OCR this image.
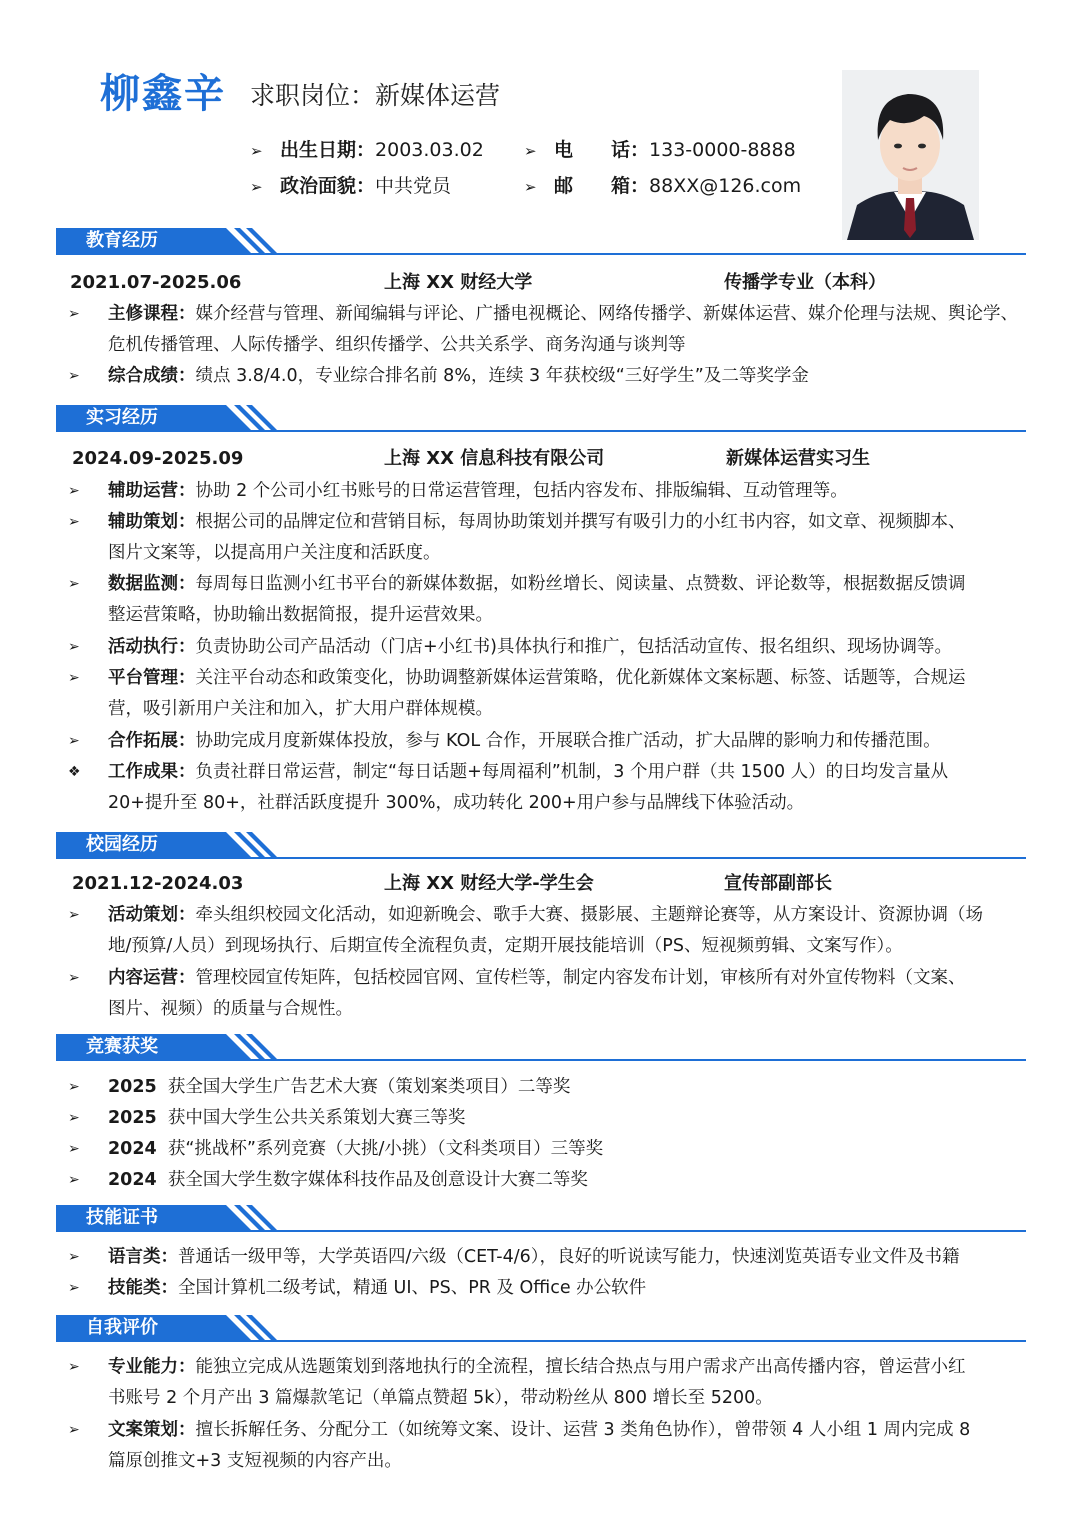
柳鑫辛 求职岗位：新媒体运营
➢ 出生日期：2003.03.02	➢ 电　　话：133-0000-8888
➢ 政治面貌：中共党员	➢ 邮　　箱：88XX@126.com
教育经历
2021.07-2025.06	上海 XX 财经大学	传播学专业（本科）
➢	主修课程：媒介经营与管理、新闻编辑与评论、广播电视概论、网络传播学、新媒体运营、媒介伦理与法规、舆论学、
危机传播管理、人际传播学、组织传播学、公共关系学、商务沟通与谈判等
➢	综合成绩：绩点 3.8/4.0，专业综合排名前 8%，连续 3 年获校级“三好学生”及二等奖学金
实习经历
2024.09-2025.09	上海 XX 信息科技有限公司	新媒体运营实习生
➢	辅助运营：协助 2 个公司小红书账号的日常运营管理，包括内容发布、排版编辑、互动管理等。
➢	辅助策划：根据公司的品牌定位和营销目标，每周协助策划并撰写有吸引力的小红书内容，如文章、视频脚本、
图片文案等，以提高用户关注度和活跃度。
➢	数据监测：每周每日监测小红书平台的新媒体数据，如粉丝增长、阅读量、点赞数、评论数等，根据数据反馈调
整运营策略，协助输出数据简报，提升运营效果。
➢	活动执行：负责协助公司产品活动（门店+小红书)具体执行和推广，包括活动宣传、报名组织、现场协调等。
➢	平台管理：关注平台动态和政策变化，协助调整新媒体运营策略，优化新媒体文案标题、标签、话题等，合规运
营，吸引新用户关注和加入，扩大用户群体规模。
➢	合作拓展：协助完成月度新媒体投放，参与 KOL 合作，开展联合推广活动，扩大品牌的影响力和传播范围。
❖	工作成果：负责社群日常运营，制定“每日话题+每周福利”机制，3 个用户群（共 1500 人）的日均发言量从
20+提升至 80+，社群活跃度提升 300%，成功转化 200+用户参与品牌线下体验活动。
校园经历
2021.12-2024.03	上海 XX 财经大学-学生会	宣传部副部长
➢	活动策划：牵头组织校园文化活动，如迎新晚会、歌手大赛、摄影展、主题辩论赛等，从方案设计、资源协调（场
地/预算/人员）到现场执行、后期宣传全流程负责，定期开展技能培训（PS、短视频剪辑、文案写作）。
➢	内容运营：管理校园宣传矩阵，包括校园官网、宣传栏等，制定内容发布计划，审核所有对外宣传物料（文案、
图片、视频）的质量与合规性。
竞赛获奖
➢	2025 获全国大学生广告艺术大赛（策划案类项目）二等奖
➢	2025 获中国大学生公共关系策划大赛三等奖
➢	2024 获“挑战杯”系列竞赛（大挑/小挑）（文科类项目）三等奖
➢	2024 获全国大学生数字媒体科技作品及创意设计大赛二等奖
技能证书
➢	语言类：普通话一级甲等，大学英语四/六级（CET-4/6），良好的听说读写能力，快速浏览英语专业文件及书籍
➢	技能类：全国计算机二级考试，精通 UI、PS、PR 及 Office 办公软件
自我评价
➢	专业能力：能独立完成从选题策划到落地执行的全流程，擅长结合热点与用户需求产出高传播内容，曾运营小红
书账号 2 个月产出 3 篇爆款笔记（单篇点赞超 5k），带动粉丝从 800 增长至 5200。
➢	文案策划：擅长拆解任务、分配分工（如统筹文案、设计、运营 3 类角色协作），曾带领 4 人小组 1 周内完成 8
篇原创推文+3 支短视频的内容产出。
